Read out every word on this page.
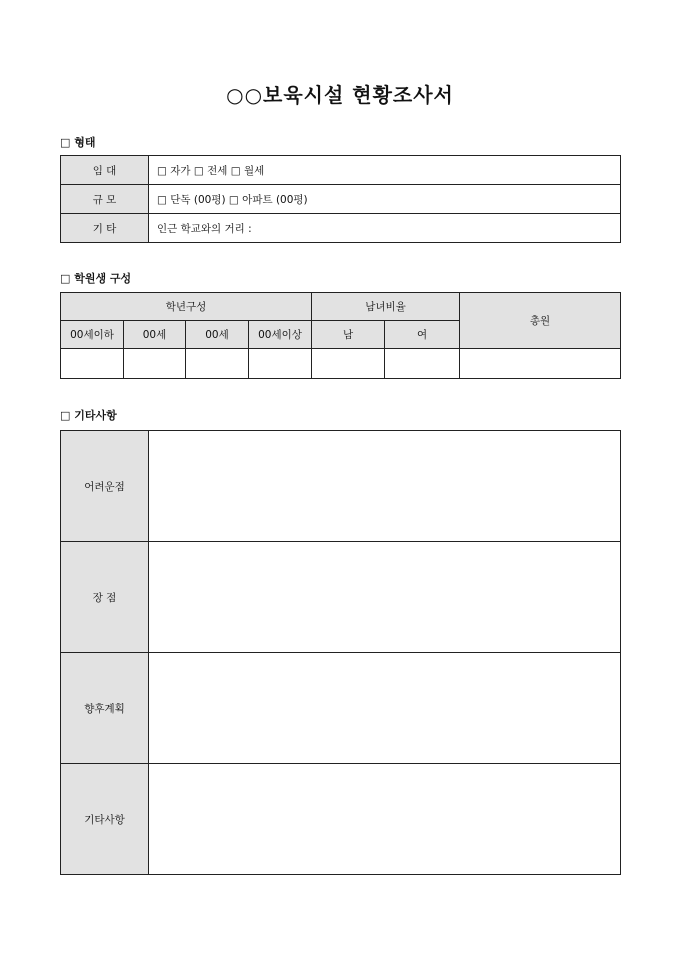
○○보육시설 현황조사서
□ 형태
임 대	□ 자가 □ 전세 □ 월세
규 모	□ 단독 (00평) □ 아파트 (00평)
기 타	인근 학교와의 거리 :
□ 학원생 구성
학년구성				남녀비율		총원
00세이하	00세	00세	00세이상	남	여	

□ 기타사항
어려운점	
장 점	
향후계획	
기타사항	
